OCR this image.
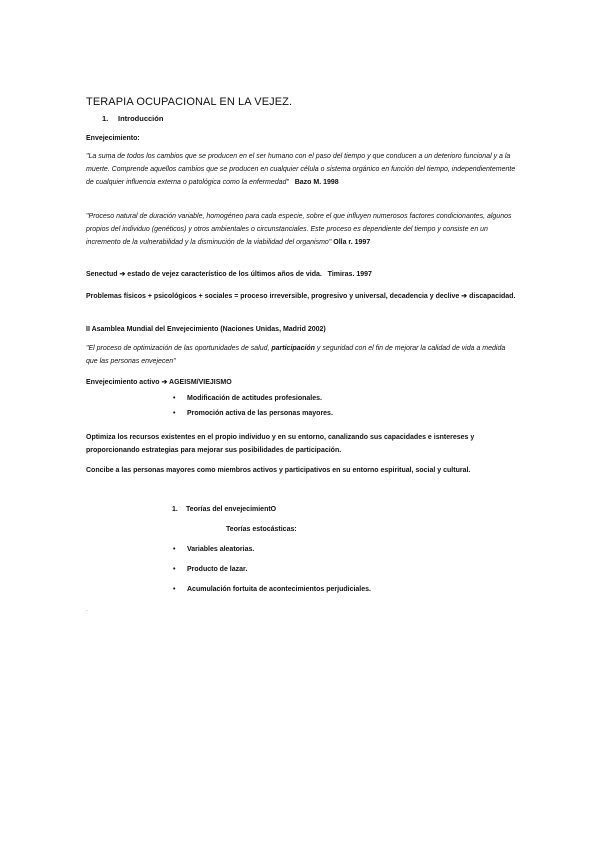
TERAPIA OCUPACIONAL EN LA VEJEZ.
1. Introducción
Envejecimiento:
"La suma de todos los cambios que se producen en el ser humano con el paso del tiempo y que conducen a un deterioro funcional y a la muerte. Comprende aquellos cambios que se producen en cualquier célula o sistema orgánico en función del tiempo, independientemente de cualquier influencia externa o patológica como la enfermedad" Bazo M. 1998
"Proceso natural de duración variable, homogéneo para cada especie, sobre el que influyen numerosos factores condicionantes, algunos propios del individuo (genéticos) y otros ambientales o circunstanciales. Este proceso es dependiente del tiempo y consiste en un incremento de la vulnerabilidad y la disminución de la viabilidad del organismo" Olla r. 1997
Senectud ➔ estado de vejez característico de los últimos años de vida. Timiras. 1997
Problemas físicos + psicológicos + sociales = proceso irreversible, progresivo y universal, decadencia y declive ➔ discapacidad.
II Asamblea Mundial del Envejecimiento (Naciones Unidas, Madrid 2002)
"El proceso de optimización de las oportunidades de salud, participación y seguridad con el fin de mejorar la calidad de vida a medida que las personas envejecen"
Envejecimiento activo ➔ AGEISM/VIEJISMO
• Modificación de actitudes profesionales.
• Promoción activa de las personas mayores.
Optimiza los recursos existentes en el propio individuo y en su entorno, canalizando sus capacidades e isntereses y proporcionando estrategias para mejorar sus posibilidades de participación.
Concibe a las personas mayores como miembros activos y participativos en su entorno espiritual, social y cultural.
1. Teorías del envejecimientO
Teorías estocásticas:
• Variables aleatorias.
• Producto de lazar.
• Acumulación fortuita de acontecimientos perjudiciales.
.
